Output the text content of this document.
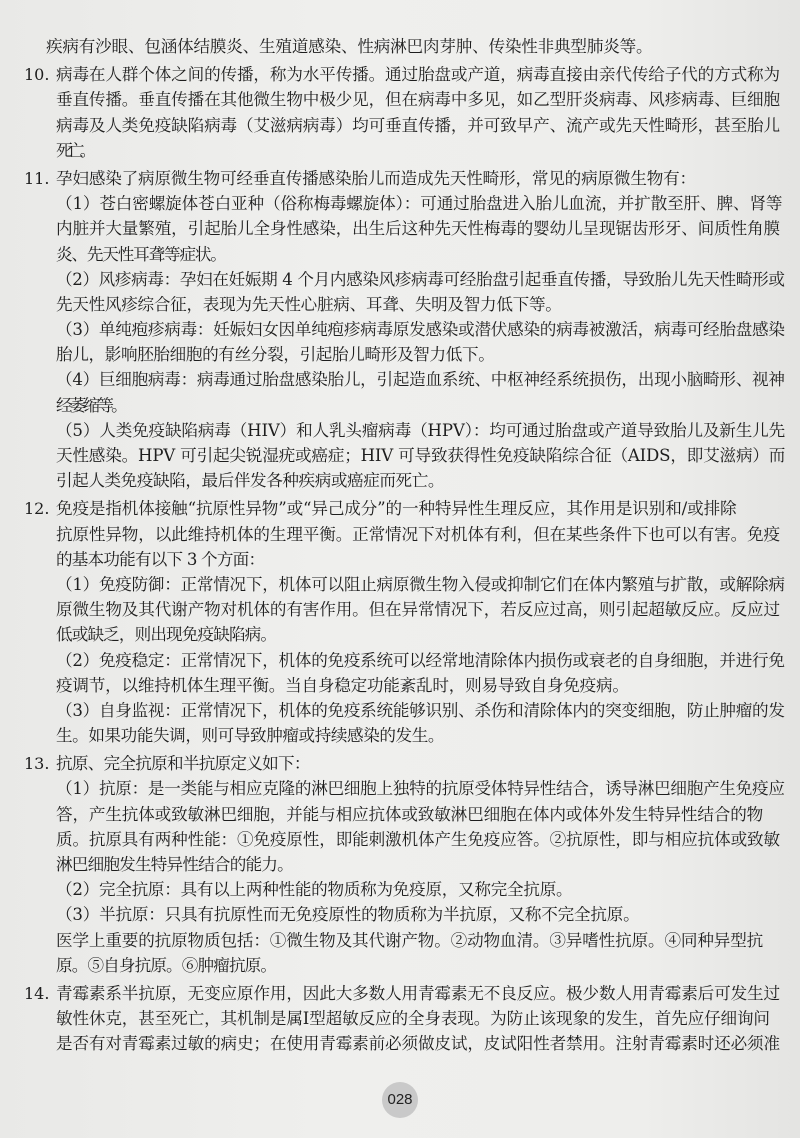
疾病有沙眼、包涵体结膜炎、生殖道感染、性病淋巴肉芽肿、传染性非典型肺炎等。
10. 病毒在人群个体之间的传播，称为水平传播。通过胎盘或产道，病毒直接由亲代传给子代的方式称为
垂直传播。垂直传播在其他微生物中极少见，但在病毒中多见，如乙型肝炎病毒、风疹病毒、巨细胞
病毒及人类免疫缺陷病毒（艾滋病病毒）均可垂直传播，并可致早产、流产或先天性畸形，甚至胎儿
死亡。
11. 孕妇感染了病原微生物可经垂直传播感染胎儿而造成先天性畸形，常见的病原微生物有：
（1）苍白密螺旋体苍白亚种（俗称梅毒螺旋体）：可通过胎盘进入胎儿血流，并扩散至肝、脾、肾等
内脏并大量繁殖，引起胎儿全身性感染，出生后这种先天性梅毒的婴幼儿呈现锯齿形牙、间质性角膜
炎、先天性耳聋等症状。
（2）风疹病毒：孕妇在妊娠期 4 个月内感染风疹病毒可经胎盘引起垂直传播，导致胎儿先天性畸形或
先天性风疹综合征，表现为先天性心脏病、耳聋、失明及智力低下等。
（3）单纯疱疹病毒：妊娠妇女因单纯疱疹病毒原发感染或潜伏感染的病毒被激活，病毒可经胎盘感染
胎儿，影响胚胎细胞的有丝分裂，引起胎儿畸形及智力低下。
（4）巨细胞病毒：病毒通过胎盘感染胎儿，引起造血系统、中枢神经系统损伤，出现小脑畸形、视神
经萎缩等。
（5）人类免疫缺陷病毒（HIV）和人乳头瘤病毒（HPV）：均可通过胎盘或产道导致胎儿及新生儿先
天性感染。HPV 可引起尖锐湿疣或癌症；HIV 可导致获得性免疫缺陷综合征（AIDS，即艾滋病）而
引起人类免疫缺陷，最后伴发各种疾病或癌症而死亡。
12. 免疫是指机体接触“抗原性异物”或“异己成分”的一种特异性生理反应，其作用是识别和/或排除
抗原性异物，以此维持机体的生理平衡。正常情况下对机体有利，但在某些条件下也可以有害。免疫
的基本功能有以下 3 个方面：
（1）免疫防御：正常情况下，机体可以阻止病原微生物入侵或抑制它们在体内繁殖与扩散，或解除病
原微生物及其代谢产物对机体的有害作用。但在异常情况下，若反应过高，则引起超敏反应。反应过
低或缺乏，则出现免疫缺陷病。
（2）免疫稳定：正常情况下，机体的免疫系统可以经常地清除体内损伤或衰老的自身细胞，并进行免
疫调节，以维持机体生理平衡。当自身稳定功能紊乱时，则易导致自身免疫病。
（3）自身监视：正常情况下，机体的免疫系统能够识别、杀伤和清除体内的突变细胞，防止肿瘤的发
生。如果功能失调，则可导致肿瘤或持续感染的发生。
13. 抗原、完全抗原和半抗原定义如下：
（1）抗原：是一类能与相应克隆的淋巴细胞上独特的抗原受体特异性结合，诱导淋巴细胞产生免疫应
答，产生抗体或致敏淋巴细胞，并能与相应抗体或致敏淋巴细胞在体内或体外发生特异性结合的物
质。抗原具有两种性能：①免疫原性，即能刺激机体产生免疫应答。②抗原性，即与相应抗体或致敏
淋巴细胞发生特异性结合的能力。
（2）完全抗原：具有以上两种性能的物质称为免疫原，又称完全抗原。
（3）半抗原：只具有抗原性而无免疫原性的物质称为半抗原，又称不完全抗原。
医学上重要的抗原物质包括：①微生物及其代谢产物。②动物血清。③异嗜性抗原。④同种异型抗
原。⑤自身抗原。⑥肿瘤抗原。
14. 青霉素系半抗原，无变应原作用，因此大多数人用青霉素无不良反应。极少数人用青霉素后可发生过
敏性休克，甚至死亡，其机制是属Ⅰ型超敏反应的全身表现。为防止该现象的发生，首先应仔细询问
是否有对青霉素过敏的病史；在使用青霉素前必须做皮试，皮试阳性者禁用。注射青霉素时还必须准
028
